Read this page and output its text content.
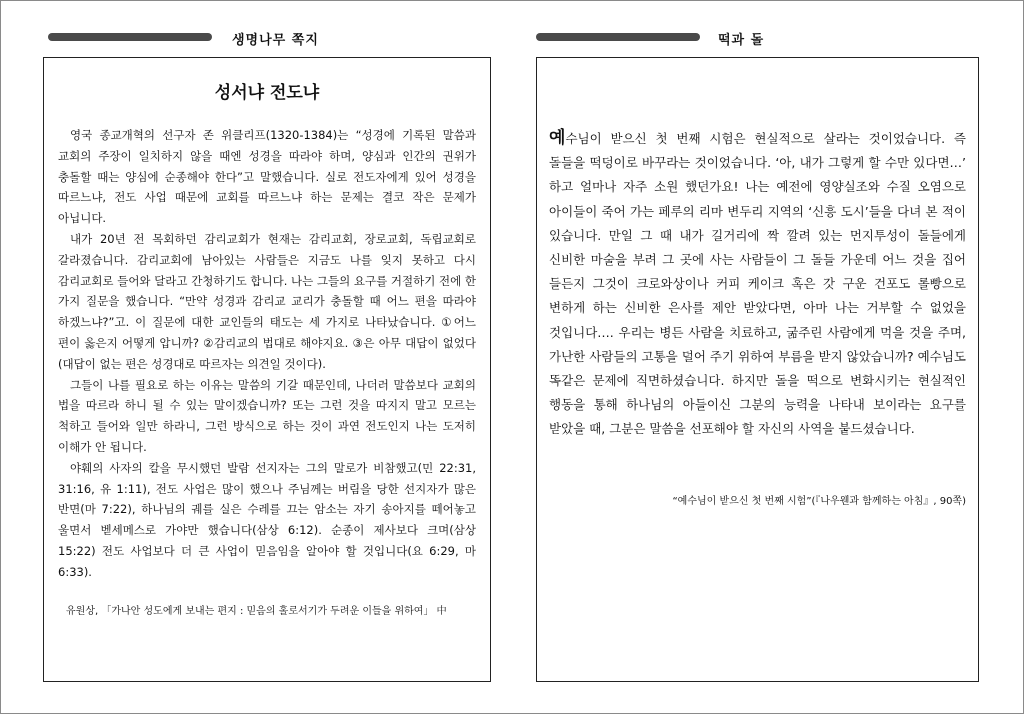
생명나무 쪽지	떡과 돌
성서냐 전도냐

영국 종교개혁의 선구자 존 위클리프(1320-1384)는 “성경에 기록된 말씀과 교회의 주장이 일치하지 않을 때엔 성경을 따라야 하며, 양심과 인간의 권위가 충돌할 때는 양심에 순종해야 한다”고 말했습니다. 실로 전도자에게 있어 성경을 따르느냐, 전도 사업 때문에 교회를 따르느냐 하는 문제는 결코 작은 문제가 아닙니다.

내가 20년 전 목회하던 감리교회가 현재는 감리교회, 장로교회, 독립교회로 갈라졌습니다. 감리교회에 남아있는 사람들은 지금도 나를 잊지 못하고 다시 감리교회로 들어와 달라고 간청하기도 합니다. 나는 그들의 요구를 거절하기 전에 한 가지 질문을 했습니다. “만약 성경과 감리교 교리가 충돌할 때 어느 편을 따라야 하겠느냐?”고. 이 질문에 대한 교인들의 태도는 세 가지로 나타났습니다. ①어느 편이 옳은지 어떻게 압니까? ②감리교의 법대로 해야지요. ③은 아무 대답이 없었다(대답이 없는 편은 성경대로 따르자는 의견일 것이다).

그들이 나를 필요로 하는 이유는 말씀의 기갈 때문인데, 나더러 말씀보다 교회의 법을 따르라 하니 될 수 있는 말이겠습니까? 또는 그런 것을 따지지 말고 모르는 척하고 들어와 일만 하라니, 그런 방식으로 하는 것이 과연 전도인지 나는 도저히 이해가 안 됩니다.

야훼의 사자의 칼을 무시했던 발람 선지자는 그의 말로가 비참했고(민 22:31, 31:16, 유 1:11), 전도 사업은 많이 했으나 주님께는 버림을 당한 선지자가 많은 반면(마 7:22), 하나님의 궤를 실은 수레를 끄는 암소는 자기 송아지를 떼어놓고 울면서 벧세메스로 가야만 했습니다(삼상 6:12). 순종이 제사보다 크며(삼상 15:22) 전도 사업보다 더 큰 사업이 믿음임을 알아야 할 것입니다(요 6:29, 마 6:33).

유원상, 「가나안 성도에게 보내는 편지 : 믿음의 홀로서기가 두려운 이들을 위하여」 中
예수님이 받으신 첫 번째 시험은 현실적으로 살라는 것이었습니다. 즉 돌들을 떡덩이로 바꾸라는 것이었습니다. ‘아, 내가 그렇게 할 수만 있다면…’ 하고 얼마나 자주 소원 했던가요! 나는 예전에 영양실조와 수질 오염으로 아이들이 죽어 가는 페루의 리마 변두리 지역의 ‘신흥 도시’들을 다녀 본 적이 있습니다. 만일 그 때 내가 길거리에 짝 깔려 있는 먼지투성이 돌들에게 신비한 마술을 부려 그 곳에 사는 사람들이 그 돌들 가운데 어느 것을 집어 들든지 그것이 크로와상이나 커피 케이크 혹은 갓 구운 건포도 롤빵으로 변하게 하는 신비한 은사를 제안 받았다면, 아마 나는 거부할 수 없었을 것입니다…. 우리는 병든 사람을 치료하고, 굶주린 사람에게 먹을 것을 주며, 가난한 사람들의 고통을 덜어 주기 위하여 부름을 받지 않았습니까? 예수님도 똑같은 문제에 직면하셨습니다. 하지만 돌을 떡으로 변화시키는 현실적인 행동을 통해 하나님의 아들이신 그분의 능력을 나타내 보이라는 요구를 받았을 때, 그분은 말씀을 선포해야 할 자신의 사역을 붙드셨습니다.
“예수님이 받으신 첫 번째 시험”(『나우웬과 함께하는 아침』, 90쪽)
